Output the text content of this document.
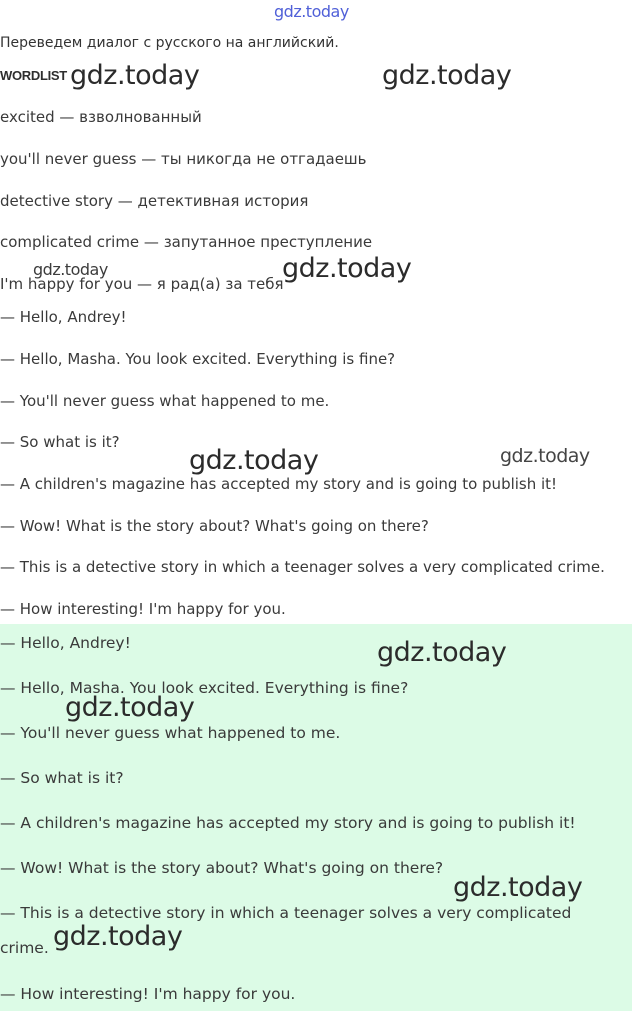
gdz.today
Переведем диалог с русского на английский.
WORDLIST
excited — взволнованный
you'll never guess — ты никогда не отгадаешь
detective story — детективная история
complicated crime — запутанное преступление
I'm happy for you — я рад(а) за тебя
— Hello, Andrey!
— Hello, Masha. You look excited. Everything is fine?
— You'll never guess what happened to me.
— So what is it?
— A children's magazine has accepted my story and is going to publish it!
— Wow! What is the story about? What's going on there?
— This is a detective story in which a teenager solves a very complicated crime.
— How interesting! I'm happy for you.
— Hello, Andrey!
— Hello, Masha. You look excited. Everything is fine?
— You'll never guess what happened to me.
— So what is it?
— A children's magazine has accepted my story and is going to publish it!
— Wow! What is the story about? What's going on there?
— This is a detective story in which a teenager solves a very complicated
crime.
— How interesting! I'm happy for you.
gdz.today	gdz.today
gdz.today	gdz.today
gdz.today	gdz.today
gdz.today
gdz.today
gdz.today
gdz.today
